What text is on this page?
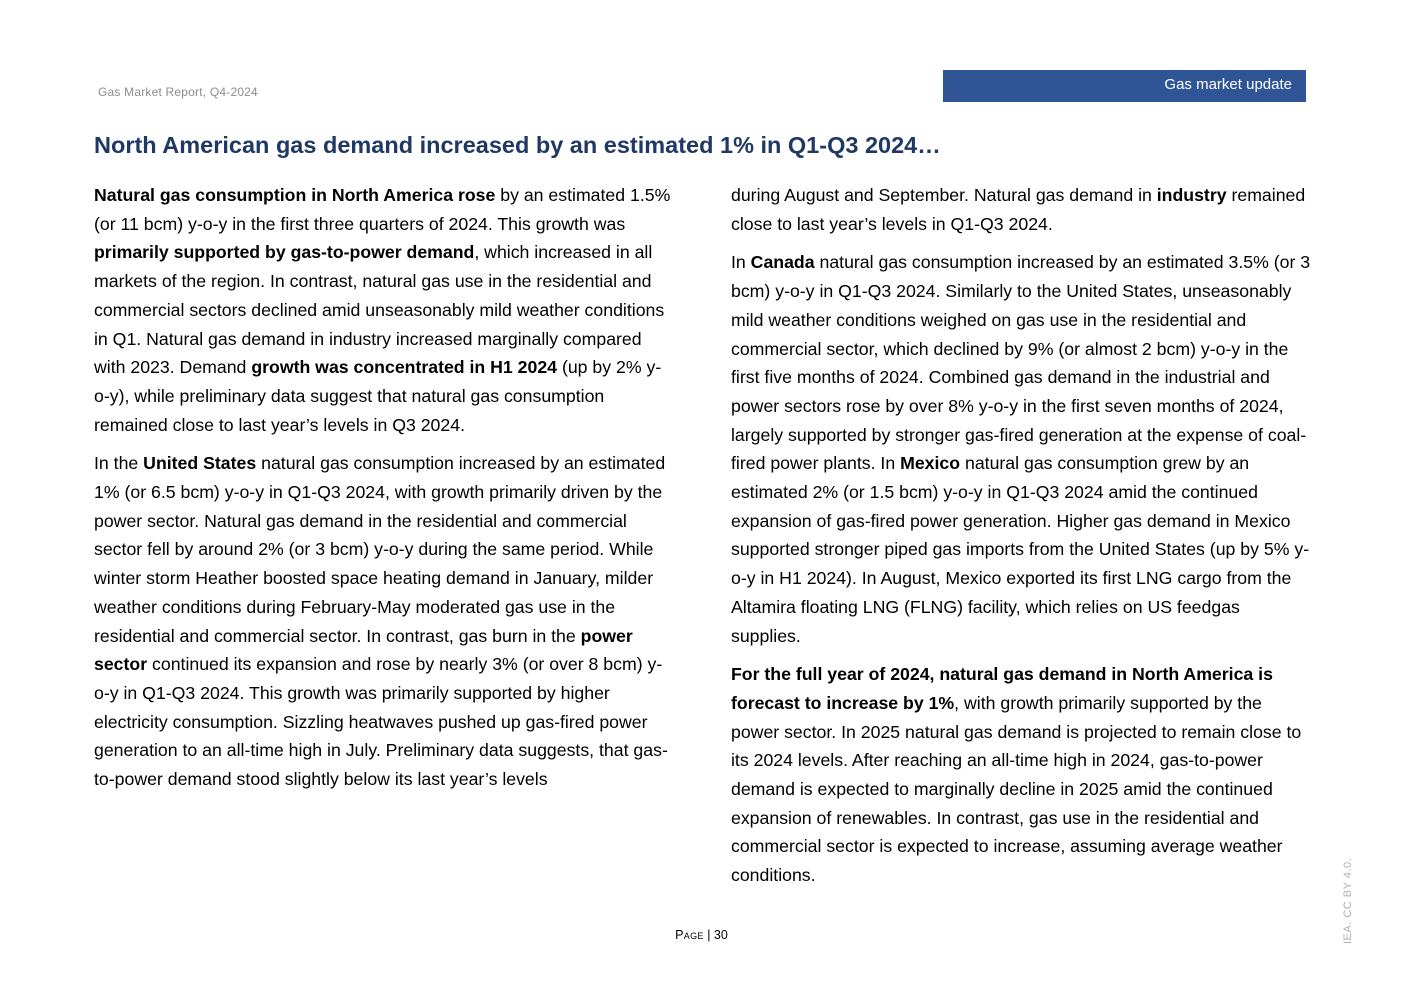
Gas Market Report, Q4-2024	Gas market update
North American gas demand increased by an estimated 1% in Q1-Q3 2024…

Natural gas consumption in North America rose by an estimated 1.5% (or 11 bcm) y-o-y in the first three quarters of 2024. This growth was primarily supported by gas-to-power demand, which increased in all markets of the region. In contrast, natural gas use in the residential and commercial sectors declined amid unseasonably mild weather conditions in Q1. Natural gas demand in industry increased marginally compared with 2023. Demand growth was concentrated in H1 2024 (up by 2% y-o-y), while preliminary data suggest that natural gas consumption remained close to last year’s levels in Q3 2024.

In the United States natural gas consumption increased by an estimated 1% (or 6.5 bcm) y-o-y in Q1-Q3 2024, with growth primarily driven by the power sector. Natural gas demand in the residential and commercial sector fell by around 2% (or 3 bcm) y-o-y during the same period. While winter storm Heather boosted space heating demand in January, milder weather conditions during February-May moderated gas use in the residential and commercial sector. In contrast, gas burn in the power sector continued its expansion and rose by nearly 3% (or over 8 bcm) y-o-y in Q1-Q3 2024. This growth was primarily supported by higher electricity consumption. Sizzling heatwaves pushed up gas-fired power generation to an all-time high in July. Preliminary data suggests, that gas-to-power demand stood slightly below its last year’s levels

during August and September. Natural gas demand in industry remained close to last year’s levels in Q1-Q3 2024.

In Canada natural gas consumption increased by an estimated 3.5% (or 3 bcm) y-o-y in Q1-Q3 2024. Similarly to the United States, unseasonably mild weather conditions weighed on gas use in the residential and commercial sector, which declined by 9% (or almost 2 bcm) y-o-y in the first five months of 2024. Combined gas demand in the industrial and power sectors rose by over 8% y-o-y in the first seven months of 2024, largely supported by stronger gas-fired generation at the expense of coal-fired power plants. In Mexico natural gas consumption grew by an estimated 2% (or 1.5 bcm) y-o-y in Q1-Q3 2024 amid the continued expansion of gas-fired power generation. Higher gas demand in Mexico supported stronger piped gas imports from the United States (up by 5% y-o-y in H1 2024). In August, Mexico exported its first LNG cargo from the Altamira floating LNG (FLNG) facility, which relies on US feedgas supplies.

For the full year of 2024, natural gas demand in North America is forecast to increase by 1%, with growth primarily supported by the power sector. In 2025 natural gas demand is projected to remain close to its 2024 levels. After reaching an all-time high in 2024, gas-to-power demand is expected to marginally decline in 2025 amid the continued expansion of renewables. In contrast, gas use in the residential and commercial sector is expected to increase, assuming average weather conditions.

Page | 30	IEA. CC BY 4.0.
